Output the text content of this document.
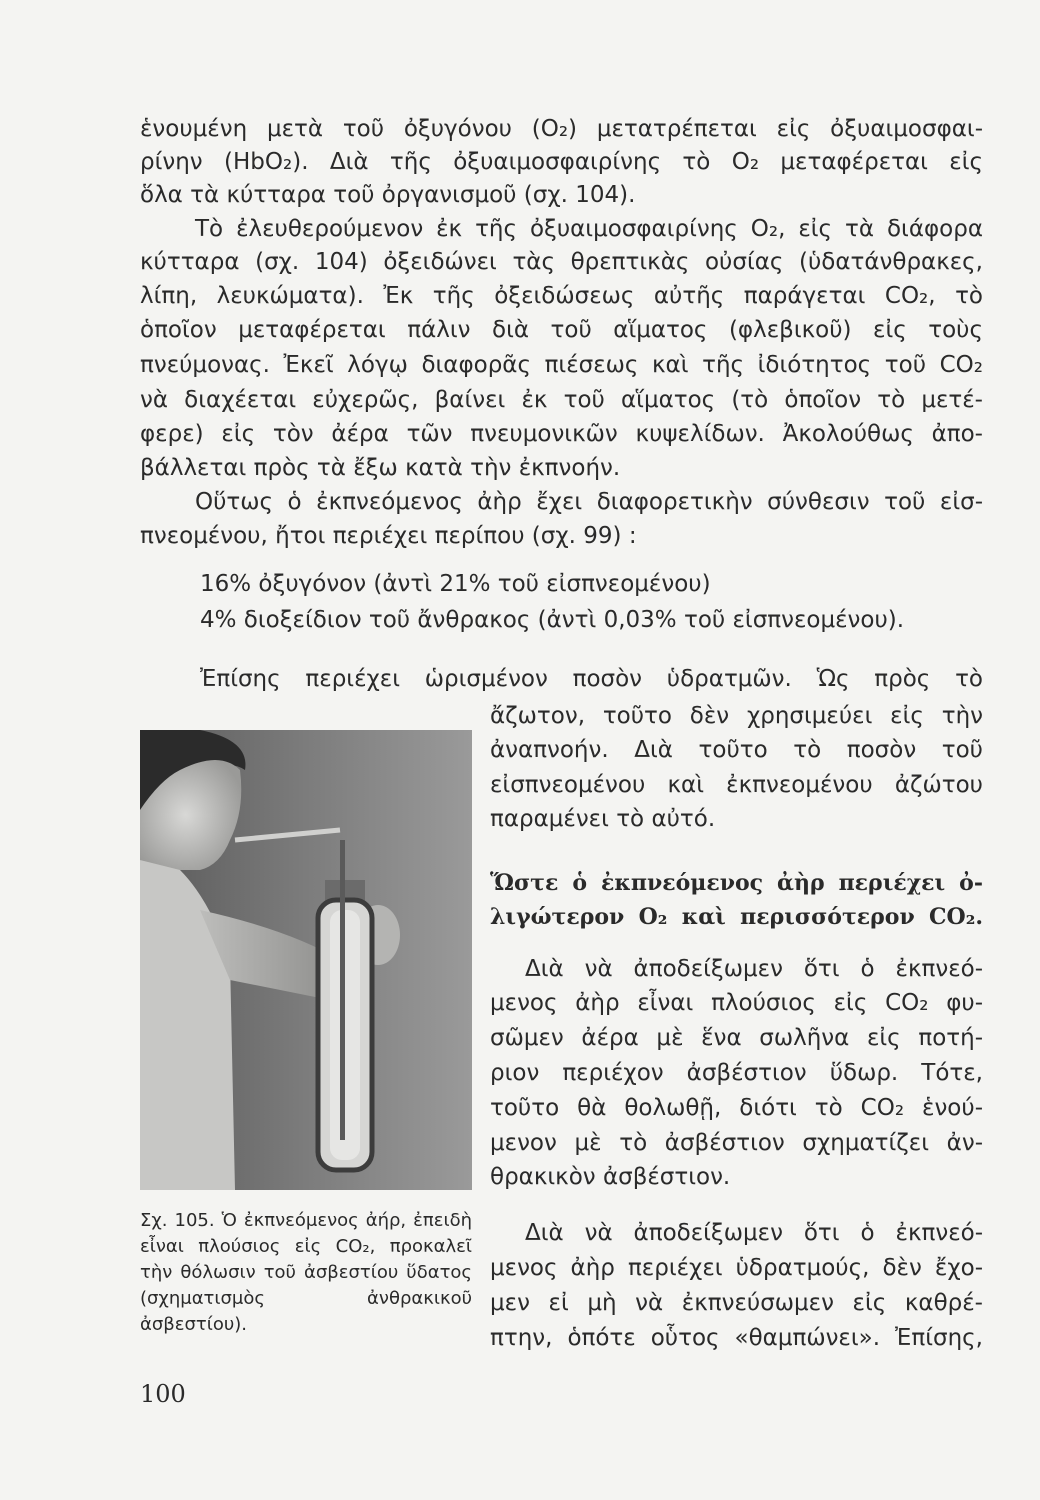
ἑνουμένη μετὰ τοῦ ὀξυγόνου (O₂) μετατρέπεται εἰς ὀξυαιμοσφαι-
ρίνην (HbO₂). Διὰ τῆς ὀξυαιμοσφαιρίνης τὸ O₂ μεταφέρεται εἰς
ὅλα τὰ κύτταρα τοῦ ὀργανισμοῦ (σχ. 104).
Τὸ ἐλευθερούμενον ἐκ τῆς ὀξυαιμοσφαιρίνης O₂, εἰς τὰ διάφορα
κύτταρα (σχ. 104) ὀξειδώνει τὰς θρεπτικὰς οὐσίας (ὑδατάνθρακες,
λίπη, λευκώματα). Ἐκ τῆς ὀξειδώσεως αὐτῆς παράγεται CO₂, τὸ
ὁποῖον μεταφέρεται πάλιν διὰ τοῦ αἵματος (φλεβικοῦ) εἰς τοὺς
πνεύμονας. Ἐκεῖ λόγῳ διαφορᾶς πιέσεως καὶ τῆς ἰδιότητος τοῦ CO₂
νὰ διαχέεται εὐχερῶς, βαίνει ἐκ τοῦ αἵματος (τὸ ὁποῖον τὸ μετέ-
φερε) εἰς τὸν ἀέρα τῶν πνευμονικῶν κυψελίδων. Ἀκολούθως ἀπο-
βάλλεται πρὸς τὰ ἔξω κατὰ τὴν ἐκπνοήν.
Οὕτως ὁ ἐκπνεόμενος ἀὴρ ἔχει διαφορετικὴν σύνθεσιν τοῦ εἰσ-
πνεομένου, ἤτοι περιέχει περίπου (σχ. 99) :
16% ὀξυγόνον (ἀντὶ 21% τοῦ εἰσπνεομένου)
4% διοξείδιον τοῦ ἄνθρακος (ἀντὶ 0,03% τοῦ εἰσπνεομένου).
Ἐπίσης περιέχει ὡρισμένον ποσὸν ὑδρατμῶν. Ὡς πρὸς τὸ
ἄζωτον, τοῦτο δὲν χρησιμεύει εἰς τὴν
ἀναπνοήν. Διὰ τοῦτο τὸ ποσὸν τοῦ
εἰσπνεομένου καὶ ἐκπνεομένου ἀζώτου
παραμένει τὸ αὐτό.
Ὥστε ὁ ἐκπνεόμενος ἀὴρ περιέχει ὀ-
λιγώτερον O₂ καὶ περισσότερον CO₂.
Διὰ νὰ ἀποδείξωμεν ὅτι ὁ ἐκπνεό-
μενος ἀὴρ εἶναι πλούσιος εἰς CO₂ φυ-
σῶμεν ἀέρα μὲ ἕνα σωλῆνα εἰς ποτή-
ριον περιέχον ἀσβέστιον ὕδωρ. Τότε,
τοῦτο θὰ θολωθῇ, διότι τὸ CO₂ ἑνού-
μενον μὲ τὸ ἀσβέστιον σχηματίζει ἀν-
θρακικὸν ἀσβέστιον.
Διὰ νὰ ἀποδείξωμεν ὅτι ὁ ἐκπνεό-
μενος ἀὴρ περιέχει ὑδρατμούς, δὲν ἔχο-
μεν εἰ μὴ νὰ ἐκπνεύσωμεν εἰς καθρέ-
πτην, ὁπότε οὗτος «θαμπώνει». Ἐπίσης,
Σχ. 105. Ὁ ἐκπνεόμενος ἀήρ, ἐπειδὴ εἶναι πλούσιος εἰς CO₂, προκαλεῖ τὴν θόλωσιν τοῦ ἀσβεστίου ὕδατος (σχηματισμὸς ἀνθρακικοῦ ἀσβεστίου).
100
